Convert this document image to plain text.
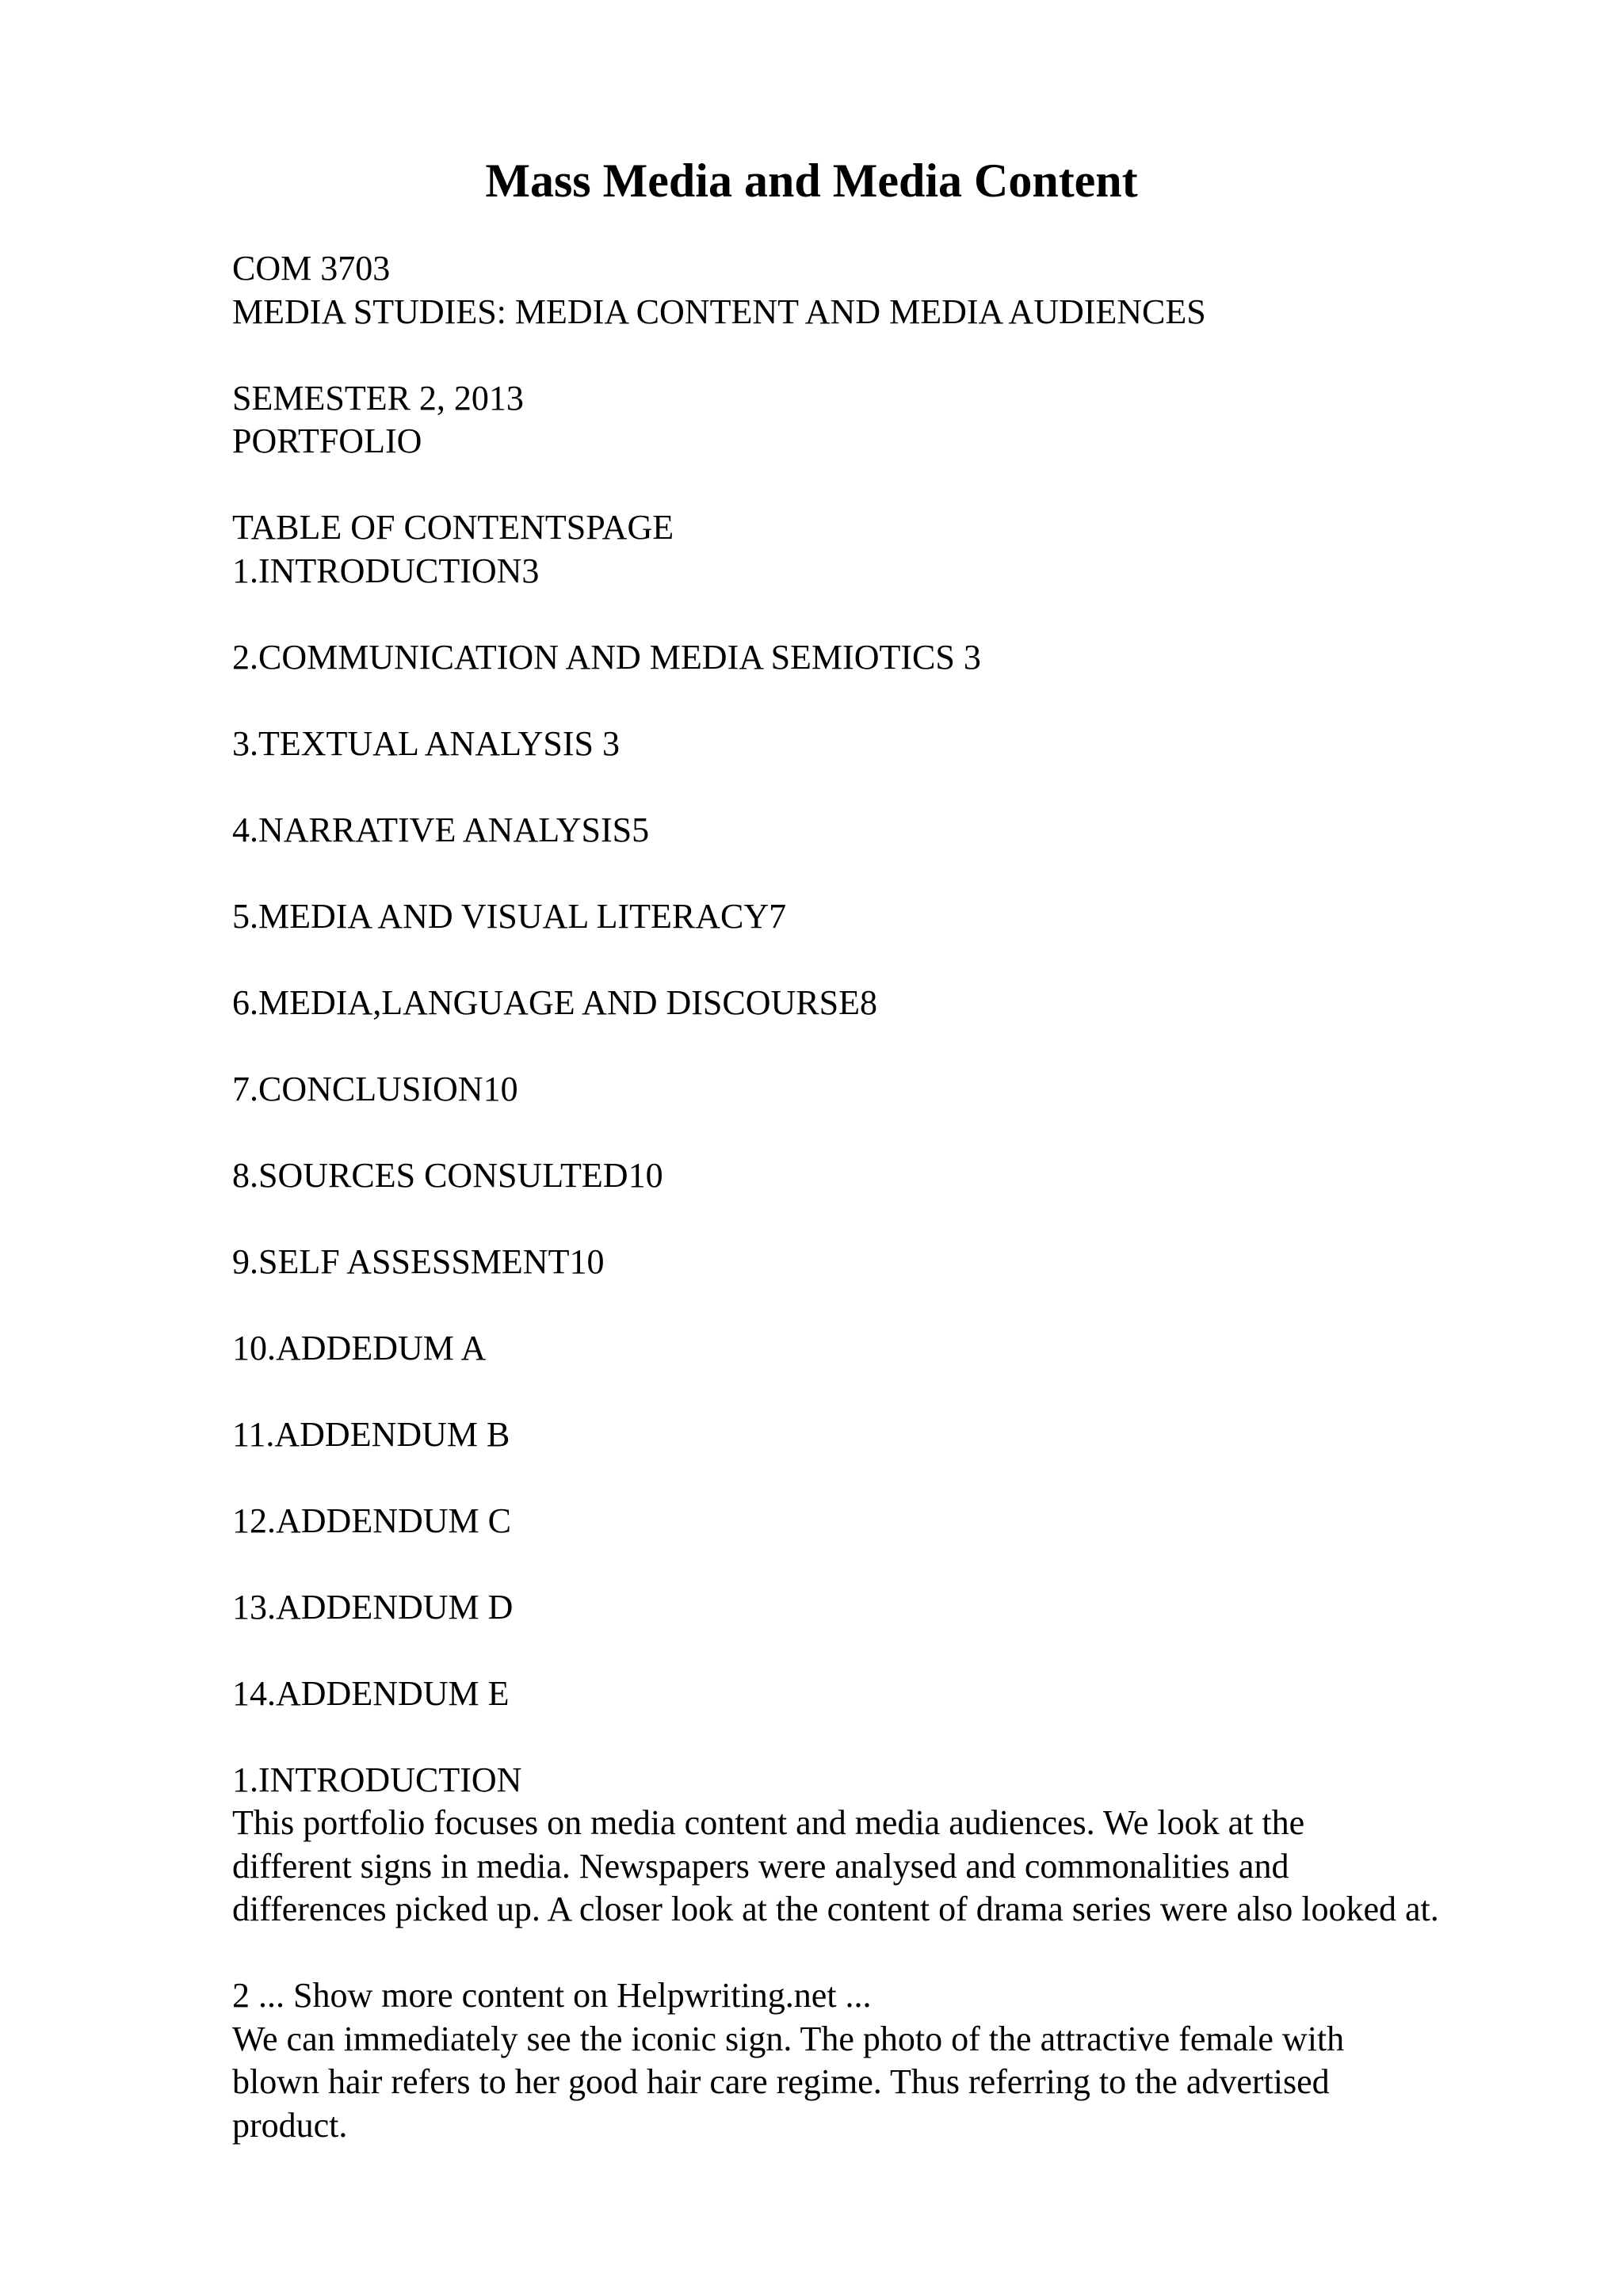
Mass Media and Media Content
COM 3703
MEDIA STUDIES: MEDIA CONTENT AND MEDIA AUDIENCES
SEMESTER 2, 2013
PORTFOLIO
TABLE OF CONTENTSPAGE
1.INTRODUCTION3
2.COMMUNICATION AND MEDIA SEMIOTICS 3
3.TEXTUAL ANALYSIS 3
4.NARRATIVE ANALYSIS5
5.MEDIA AND VISUAL LITERACY7
6.MEDIA,LANGUAGE AND DISCOURSE8
7.CONCLUSION10
8.SOURCES CONSULTED10
9.SELF ASSESSMENT10
10.ADDEDUM A
11.ADDENDUM B
12.ADDENDUM C
13.ADDENDUM D
14.ADDENDUM E
1.INTRODUCTION

This portfolio focuses on media content and media audiences. We look at the

different signs in media. Newspapers were analysed and commonalities and

differences picked up. A closer look at the content of drama series were also looked at.

2 ... Show more content on Helpwriting.net ...

We can immediately see the iconic sign. The photo of the attractive female with

blown hair refers to her good hair care regime. Thus referring to the advertised

product.
